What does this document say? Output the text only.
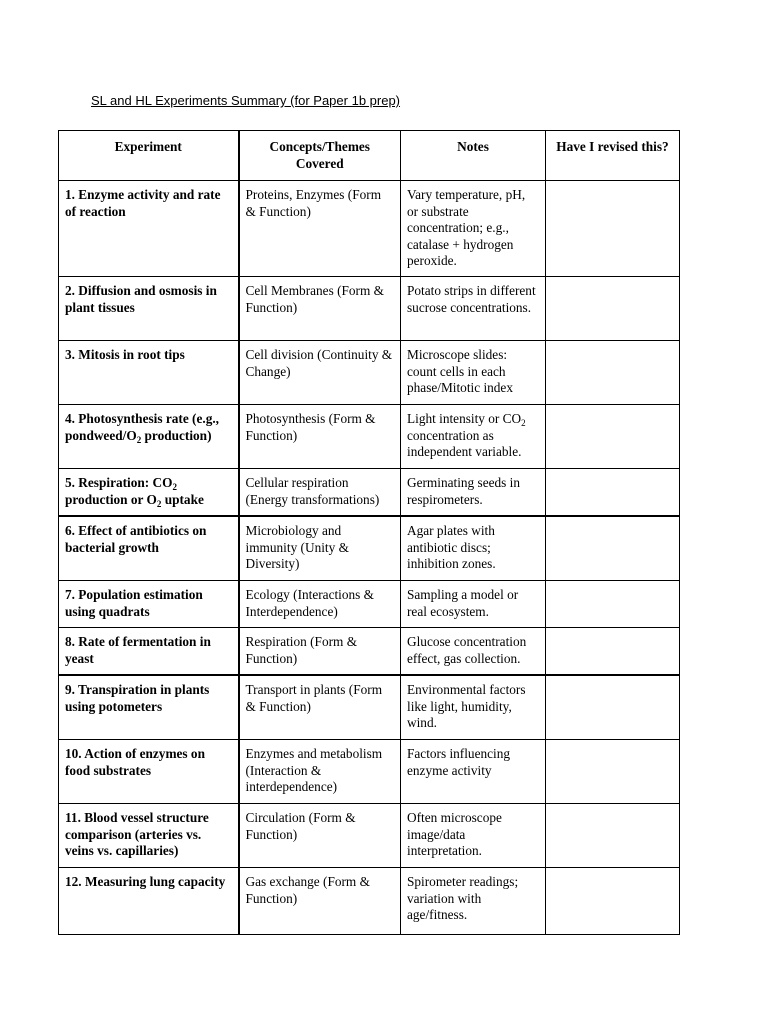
SL and HL Experiments Summary (for Paper 1b prep)
Experiment	Concepts/Themes Covered	Notes	Have I revised this?
1. Enzyme activity and rate of reaction	Proteins, Enzymes (Form & Function)	Vary temperature, pH, or substrate concentration; e.g., catalase + hydrogen peroxide.	
2. Diffusion and osmosis in plant tissues	Cell Membranes (Form & Function)	Potato strips in different sucrose concentrations.	
3. Mitosis in root tips	Cell division (Continuity & Change)	Microscope slides: count cells in each phase/Mitotic index	
4. Photosynthesis rate (e.g., pondweed/$O_2$ production)	Photosynthesis (Form & Function)	Light intensity or $CO_2$ concentration as independent variable.	
5. Respiration: $CO_2$ production or $O_2$ uptake	Cellular respiration (Energy transformations)	Germinating seeds in respirometers.	
6. Effect of antibiotics on bacterial growth	Microbiology and immunity (Unity & Diversity)	Agar plates with antibiotic discs; inhibition zones.	
7. Population estimation using quadrats	Ecology (Interactions & Interdependence)	Sampling a model or real ecosystem.	
8. Rate of fermentation in yeast	Respiration (Form & Function)	Glucose concentration effect, gas collection.	
9. Transpiration in plants using potometers	Transport in plants (Form & Function)	Environmental factors like light, humidity, wind.	
10. Action of enzymes on food substrates	Enzymes and metabolism (Interaction & interdependence)	Factors influencing enzyme activity	
11. Blood vessel structure comparison (arteries vs. veins vs. capillaries)	Circulation (Form & Function)	Often microscope image/data interpretation.	
12. Measuring lung capacity	Gas exchange (Form & Function)	Spirometer readings; variation with age/fitness.	
